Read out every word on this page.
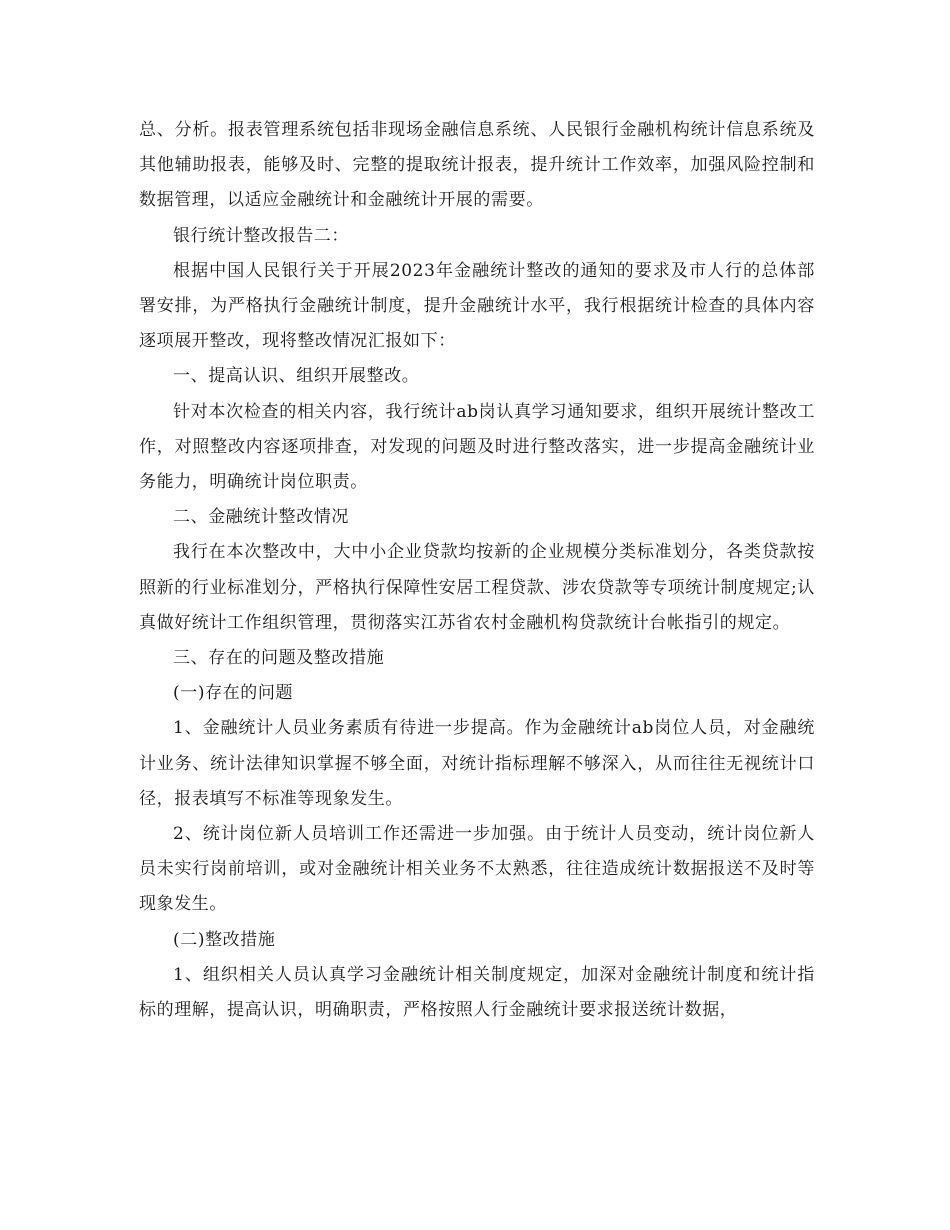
总、分析。报表管理系统包括非现场金融信息系统、人民银行金融机构统计信息系统及其他辅助报表，能够及时、完整的提取统计报表，提升统计工作效率，加强风险控制和数据管理，以适应金融统计和金融统计开展的需要。

银行统计整改报告二：

根据中国人民银行关于开展2023年金融统计整改的通知的要求及市人行的总体部署安排，为严格执行金融统计制度，提升金融统计水平，我行根据统计检查的具体内容逐项展开整改，现将整改情况汇报如下：

一、提高认识、组织开展整改。

针对本次检查的相关内容，我行统计ab岗认真学习通知要求，组织开展统计整改工作，对照整改内容逐项排查，对发现的问题及时进行整改落实，进一步提高金融统计业务能力，明确统计岗位职责。

二、金融统计整改情况

我行在本次整改中，大中小企业贷款均按新的企业规模分类标准划分，各类贷款按照新的行业标准划分，严格执行保障性安居工程贷款、涉农贷款等专项统计制度规定;认真做好统计工作组织管理，贯彻落实江苏省农村金融机构贷款统计台帐指引的规定。

三、存在的问题及整改措施

(一)存在的问题

1、金融统计人员业务素质有待进一步提高。作为金融统计ab岗位人员，对金融统计业务、统计法律知识掌握不够全面，对统计指标理解不够深入，从而往往无视统计口径，报表填写不标准等现象发生。

2、统计岗位新人员培训工作还需进一步加强。由于统计人员变动，统计岗位新人员未实行岗前培训，或对金融统计相关业务不太熟悉，往往造成统计数据报送不及时等现象发生。

(二)整改措施

1、组织相关人员认真学习金融统计相关制度规定，加深对金融统计制度和统计指标的理解，提高认识，明确职责，严格按照人行金融统计要求报送统计数据，
